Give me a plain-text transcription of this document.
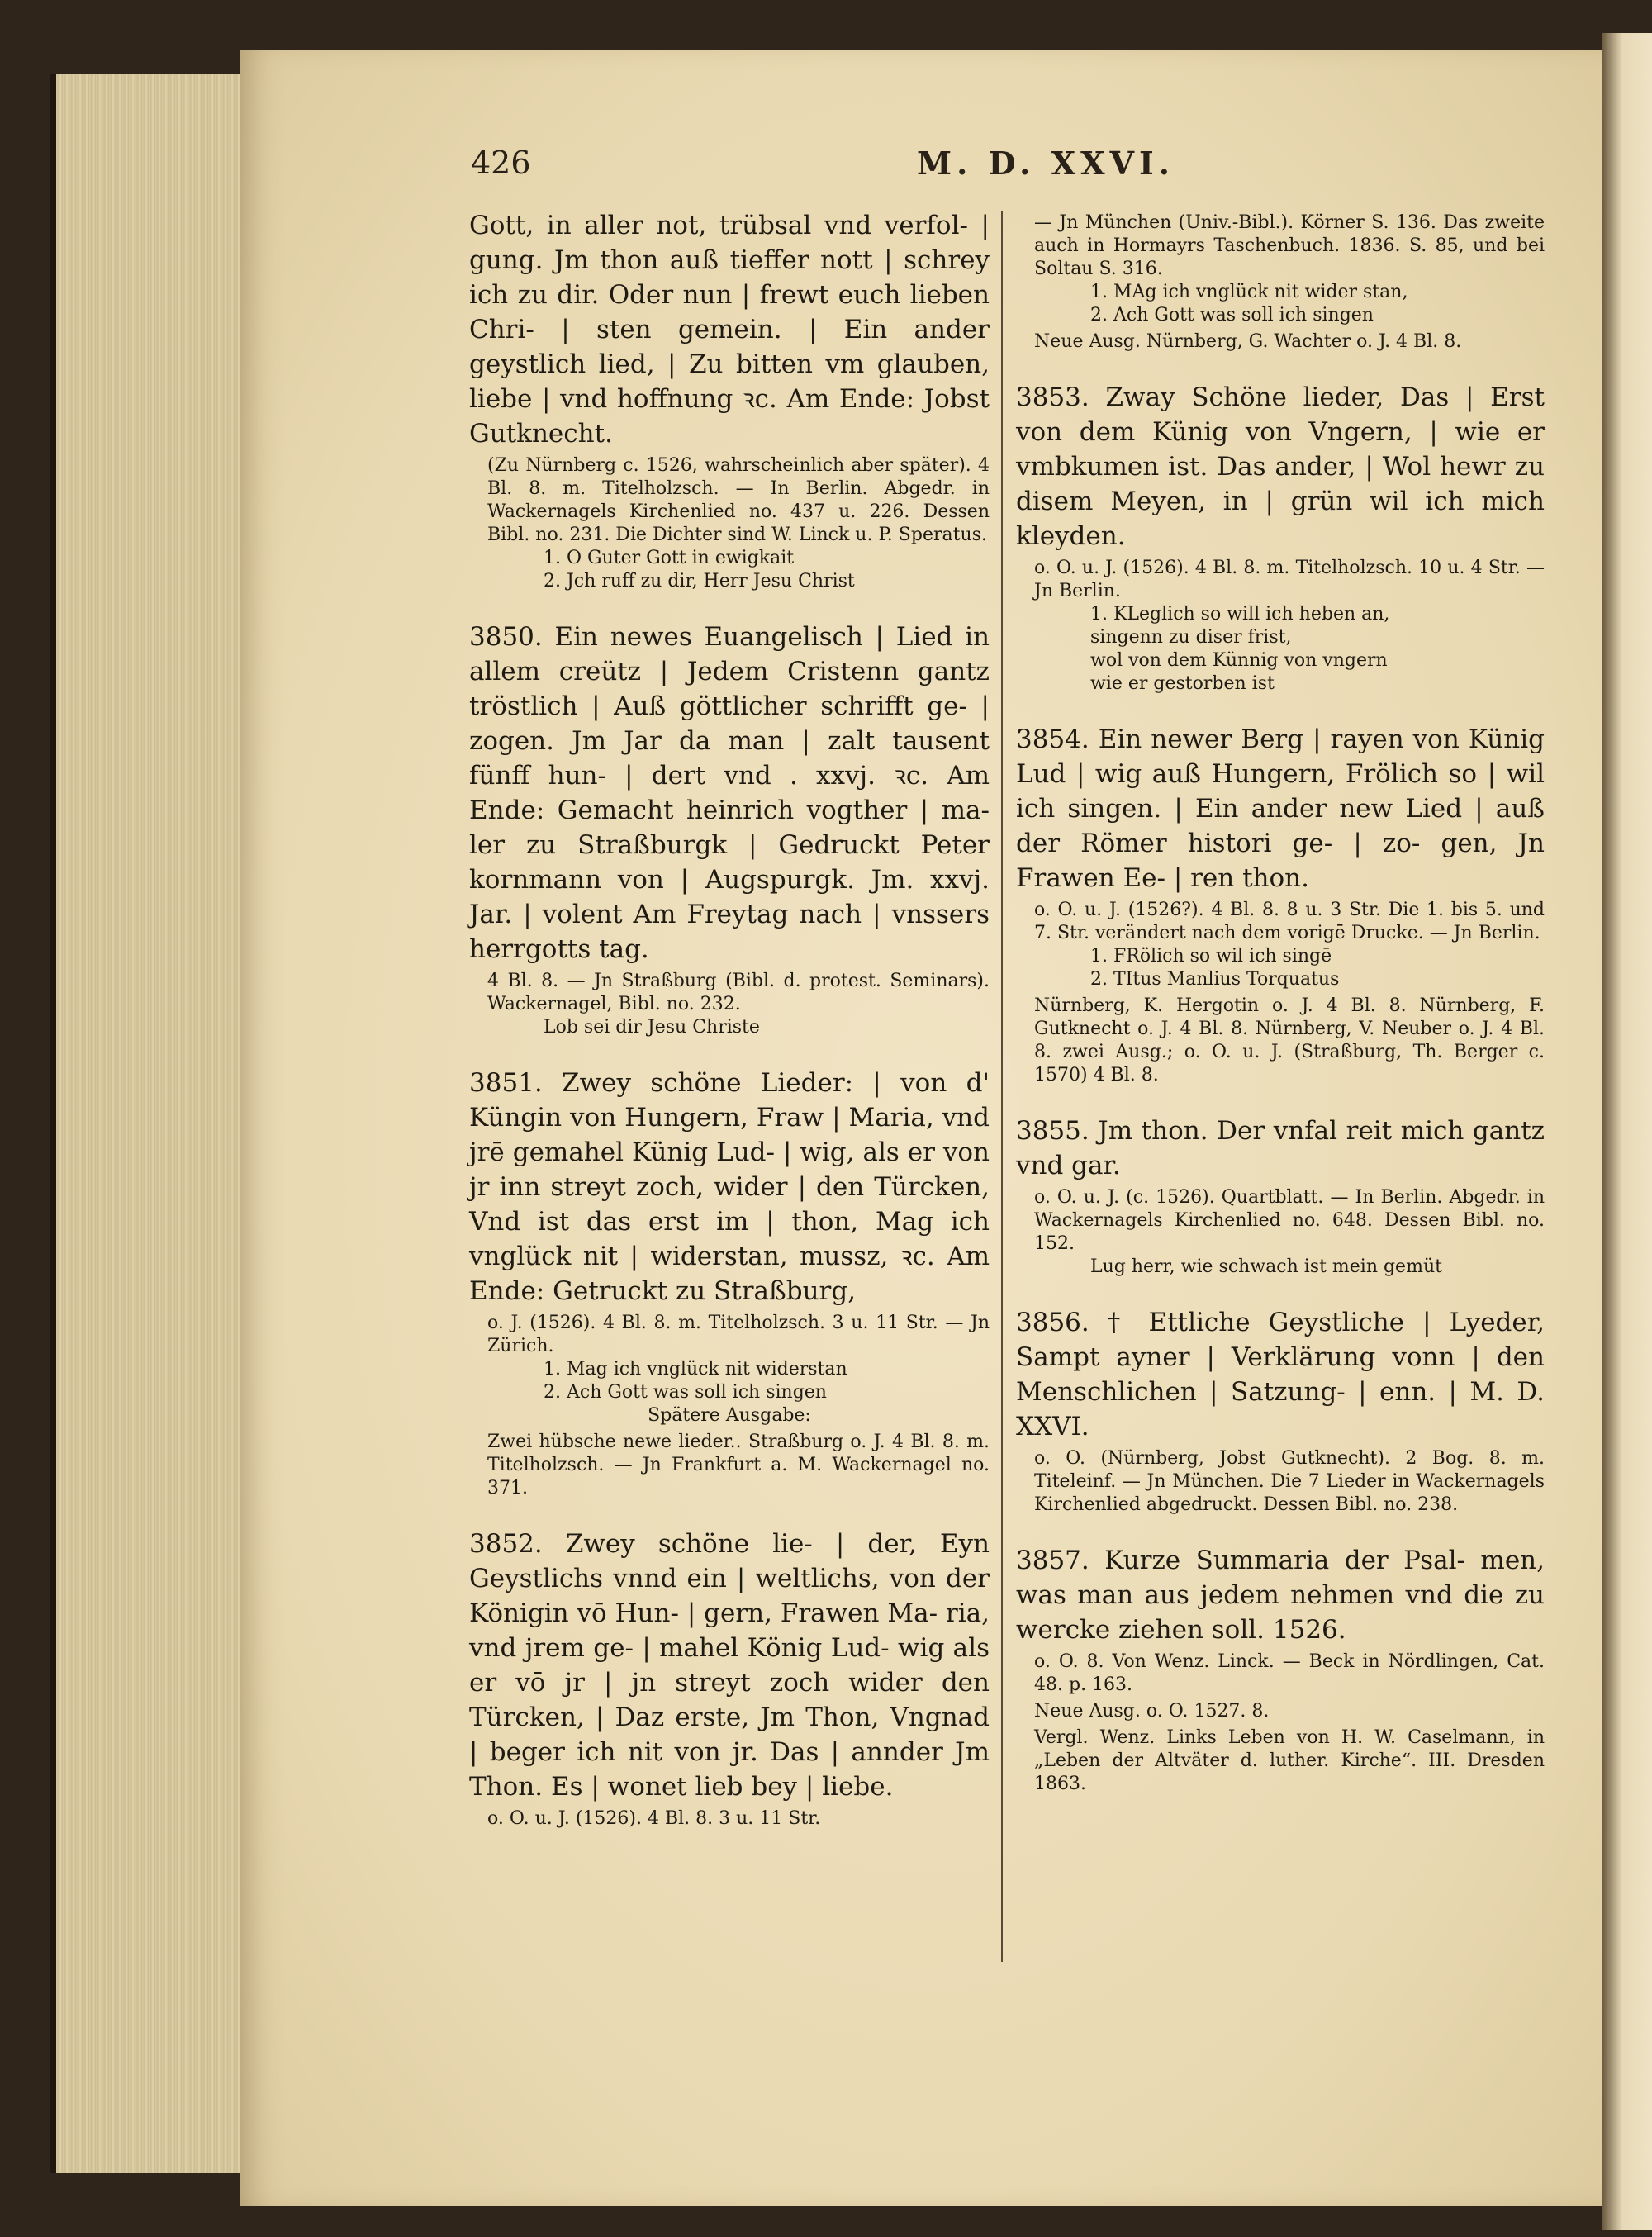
426	M. D. XXVI.

Gott, in aller not, trübsal vnd verfol- | gung. Jm thon auß tieffer nott | schrey ich zu dir. Oder nun | frewt euch lieben Chri- | sten gemein. | Ein ander geystlich lied, | Zu bitten vm glauben, liebe | vnd hoffnung ꝛc. Am Ende: Jobst Gutknecht.

(Zu Nürnberg c. 1526, wahrscheinlich aber später). 4 Bl. 8. m. Titelholzsch. — In Berlin. Abgedr. in Wackernagels Kirchenlied no. 437 u. 226. Dessen Bibl. no. 231. Die Dichter sind W. Linck u. P. Speratus.

1. O Guter Gott in ewigkait

2. Jch ruff zu dir, Herr Jesu Christ

3850. Ein newes Euangelisch | Lied in allem creütz | Jedem Cristenn gantz tröstlich | Auß göttlicher schrifft ge- | zogen. Jm Jar da man | zalt tausent fünff hun- | dert vnd . xxvj. ꝛc. Am Ende: Gemacht heinrich vogther | ma- ler zu Straßburgk | Gedruckt Peter kornmann von | Augspurgk. Jm. xxvj. Jar. | volent Am Freytag nach | vnssers herrgotts tag.

4 Bl. 8. — Jn Straßburg (Bibl. d. protest. Seminars). Wackernagel, Bibl. no. 232.

Lob sei dir Jesu Christe

3851. Zwey schöne Lieder: | von d' Küngin von Hungern, Fraw | Maria, vnd jrē gemahel Künig Lud- | wig, als er von jr inn streyt zoch, wider | den Türcken, Vnd ist das erst im | thon, Mag ich vnglück nit | widerstan, mussz, ꝛc. Am Ende: Getruckt zu Straßburg,

o. J. (1526). 4 Bl. 8. m. Titelholzsch. 3 u. 11 Str. — Jn Zürich.

1. Mag ich vnglück nit widerstan

2. Ach Gott was soll ich singen

Spätere Ausgabe:

Zwei hübsche newe lieder.. Straßburg o. J. 4 Bl. 8. m. Titelholzsch. — Jn Frankfurt a. M. Wackernagel no. 371.

3852. Zwey schöne lie- | der, Eyn Geystlichs vnnd ein | weltlichs, von der Königin vō Hun- | gern, Frawen Ma- ria, vnd jrem ge- | mahel König Lud- wig als er vō jr | jn streyt zoch wider den Türcken, | Daz erste, Jm Thon, Vngnad | beger ich nit von jr. Das | annder Jm Thon. Es | wonet lieb bey | liebe.

o. O. u. J. (1526). 4 Bl. 8. 3 u. 11 Str.

— Jn München (Univ.-Bibl.). Körner S. 136. Das zweite auch in Hormayrs Taschenbuch. 1836. S. 85, und bei Soltau S. 316.

1. MAg ich vnglück nit wider stan,

2. Ach Gott was soll ich singen

Neue Ausg. Nürnberg, G. Wachter o. J. 4 Bl. 8.

3853. Zway Schöne lieder, Das | Erst von dem Künig von Vngern, | wie er vmbkumen ist. Das ander, | Wol hewr zu disem Meyen, in | grün wil ich mich kleyden.

o. O. u. J. (1526). 4 Bl. 8. m. Titelholzsch. 10 u. 4 Str. — Jn Berlin.

1. KLeglich so will ich heben an,

singenn zu diser frist,

wol von dem Künnig von vngern

wie er gestorben ist

3854. Ein newer Berg | rayen von Künig Lud | wig auß Hungern, Frölich so | wil ich singen. | Ein ander new Lied | auß der Römer histori ge- | zo- gen, Jn Frawen Ee- | ren thon.

o. O. u. J. (1526?). 4 Bl. 8. 8 u. 3 Str. Die 1. bis 5. und 7. Str. verändert nach dem vorigē Drucke. — Jn Berlin.

1. FRölich so wil ich singē

2. TItus Manlius Torquatus

Nürnberg, K. Hergotin o. J. 4 Bl. 8. Nürnberg, F. Gutknecht o. J. 4 Bl. 8. Nürnberg, V. Neuber o. J. 4 Bl. 8. zwei Ausg.; o. O. u. J. (Straßburg, Th. Berger c. 1570) 4 Bl. 8.

3855. Jm thon. Der vnfal reit mich gantz vnd gar.

o. O. u. J. (c. 1526). Quartblatt. — In Berlin. Abgedr. in Wackernagels Kirchenlied no. 648. Dessen Bibl. no. 152.

Lug herr, wie schwach ist mein gemüt

3856. † Ettliche Geystliche | Lyeder, Sampt ayner | Verklärung vonn | den Menschlichen | Satzung- | enn. | M. D. XXVI.

o. O. (Nürnberg, Jobst Gutknecht). 2 Bog. 8. m. Titeleinf. — Jn München. Die 7 Lieder in Wackernagels Kirchenlied abgedruckt. Dessen Bibl. no. 238.

3857. Kurze Summaria der Psal- men, was man aus jedem nehmen vnd die zu wercke ziehen soll. 1526.

o. O. 8. Von Wenz. Linck. — Beck in Nördlingen, Cat. 48. p. 163.

Neue Ausg. o. O. 1527. 8.

Vergl. Wenz. Links Leben von H. W. Caselmann, in „Leben der Altväter d. luther. Kirche“. III. Dresden 1863.
